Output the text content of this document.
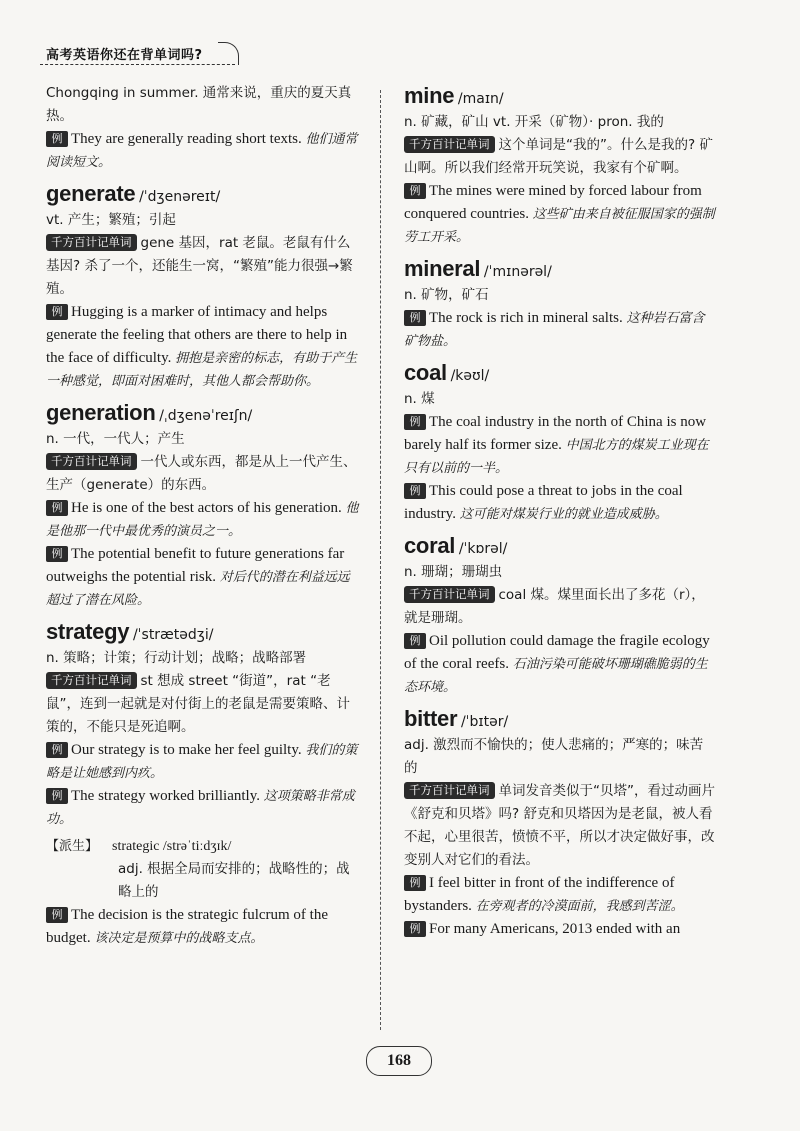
高考英语你还在背单词吗?

Chongqing in summer. 通常来说，重庆的夏天真热。

例 They are generally reading short texts. 他们通常阅读短文。

generate /ˈdʒenəreɪt/

vt. 产生；繁殖；引起

千方百计记单词 gene 基因，rat 老鼠。老鼠有什么基因? 杀了一个，还能生一窝，“繁殖”能力很强→繁殖。

例 Hugging is a marker of intimacy and helps generate the feeling that others are there to help in the face of difficulty. 拥抱是亲密的标志，有助于产生一种感觉，即面对困难时，其他人都会帮助你。

generation /ˌdʒenəˈreɪʃn/

n. 一代，一代人；产生

千方百计记单词 一代人或东西，都是从上一代产生、生产（generate）的东西。

例 He is one of the best actors of his generation. 他是他那一代中最优秀的演员之一。

例 The potential benefit to future generations far outweighs the potential risk. 对后代的潜在利益远远超过了潜在风险。

strategy /ˈstrætədʒi/

n. 策略；计策；行动计划；战略；战略部署

千方百计记单词 st 想成 street “街道”，rat “老鼠”，连到一起就是对付街上的老鼠是需要策略、计策的，不能只是死追啊。

例 Our strategy is to make her feel guilty. 我们的策略是让她感到内疚。

例 The strategy worked brilliantly. 这项策略非常成功。

【派生】 strategic /strəˈtiːdʒɪk/

adj. 根据全局而安排的；战略性的；战略上的

例 The decision is the strategic fulcrum of the budget. 该决定是预算中的战略支点。

mine /maɪn/

n. 矿藏，矿山 vt. 开采（矿物）· pron. 我的

千方百计记单词 这个单词是“我的”。什么是我的? 矿山啊。所以我们经常开玩笑说，我家有个矿啊。

例 The mines were mined by forced labour from conquered countries. 这些矿由来自被征服国家的强制劳工开采。

mineral /ˈmɪnərəl/

n. 矿物，矿石

例 The rock is rich in mineral salts. 这种岩石富含矿物盐。

coal /kəʊl/

n. 煤

例 The coal industry in the north of China is now barely half its former size. 中国北方的煤炭工业现在只有以前的一半。

例 This could pose a threat to jobs in the coal industry. 这可能对煤炭行业的就业造成威胁。

coral /ˈkɒrəl/

n. 珊瑚；珊瑚虫

千方百计记单词 coal 煤。煤里面长出了多花（r），就是珊瑚。

例 Oil pollution could damage the fragile ecology of the coral reefs. 石油污染可能破坏珊瑚礁脆弱的生态环境。

bitter /ˈbɪtər/

adj. 激烈而不愉快的；使人悲痛的；严寒的；味苦的

千方百计记单词 单词发音类似于“贝塔”，看过动画片《舒克和贝塔》吗? 舒克和贝塔因为是老鼠，被人看不起，心里很苦，愤愤不平，所以才决定做好事，改变别人对它们的看法。

例 I feel bitter in front of the indifference of bystanders. 在旁观者的冷漠面前，我感到苦涩。

例 For many Americans, 2013 ended with an

168
